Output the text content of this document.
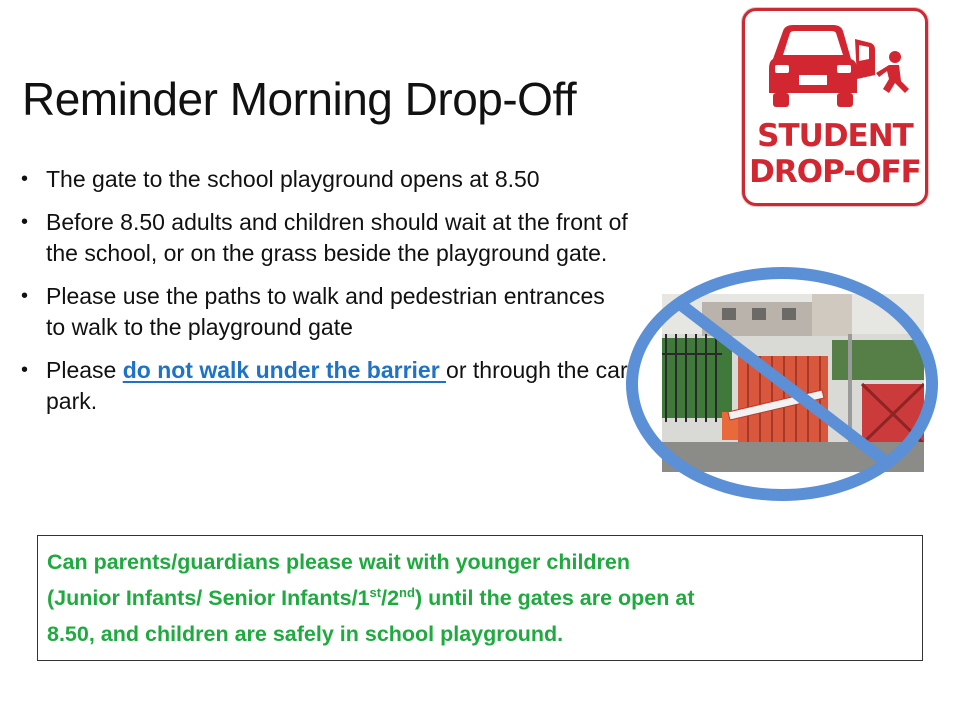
Reminder Morning Drop-Off
• The gate to the school playground opens at 8.50
• Before 8.50 adults and children should wait at the front of the school, or on the grass beside the playground gate.
• Please use the paths to walk and pedestrian entrances to walk to the playground gate
• Please do not walk under the barrier or through the car park.
STUDENT
DROP-OFF
Can parents/guardians please wait with younger children
(Junior Infants/ Senior Infants/1st/2nd) until the gates are open at
8.50, and children are safely in school playground.
